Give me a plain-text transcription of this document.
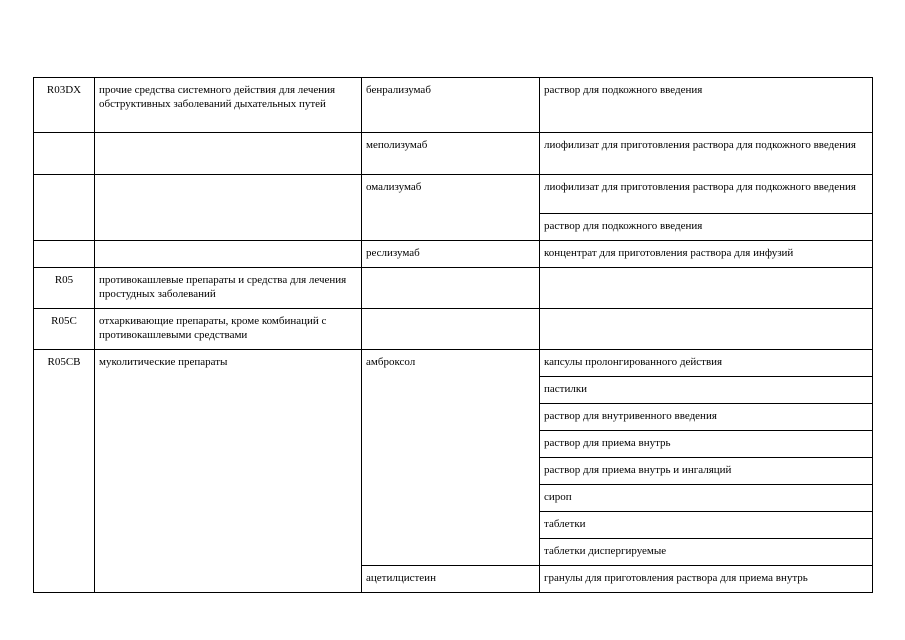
R03DX	прочие средства системного действия для лечения обструктивных заболеваний дыхательных путей	бенрализумаб	раствор для подкожного введения
		меполизумаб	лиофилизат для приготовления раствора для подкожного введения
		омализумаб	лиофилизат для приготовления раствора для подкожного введения
			раствор для подкожного введения
		реслизумаб	концентрат для приготовления раствора для инфузий
R05	противокашлевые препараты и средства для лечения простудных заболеваний		
R05C	отхаркивающие препараты, кроме комбинаций с противокашлевыми средствами		
R05CB	муколитические препараты	амброксол	капсулы пролонгированного действия
			пастилки
			раствор для внутривенного введения
			раствор для приема внутрь
			раствор для приема внутрь и ингаляций
			сироп
			таблетки
			таблетки диспергируемые
		ацетилцистеин	гранулы для приготовления раствора для приема внутрь
